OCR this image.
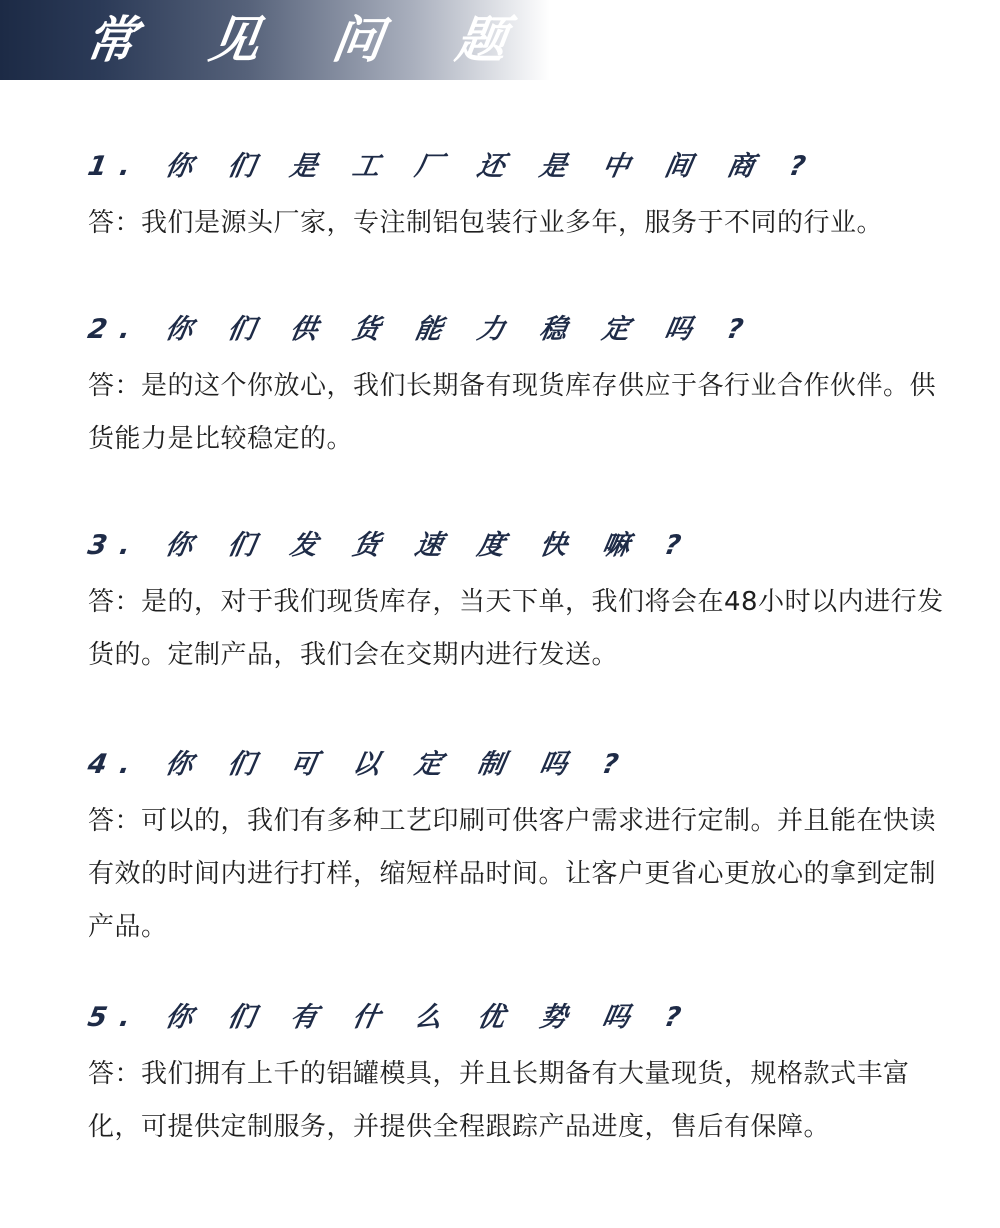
常 见 问 题
1. 你 们 是 工 厂 还 是 中 间 商 ?
答：我们是源头厂家，专注制铝包装行业多年，服务于不同的行业。
2. 你 们 供 货 能 力 稳 定 吗 ?
答：是的这个你放心，我们长期备有现货库存供应于各行业合作伙伴。供货能力是比较稳定的。
3. 你 们 发 货 速 度 快 嘛 ?
答：是的，对于我们现货库存，当天下单，我们将会在48小时以内进行发货的。定制产品，我们会在交期内进行发送。
4. 你 们 可 以 定 制 吗 ?
答：可以的，我们有多种工艺印刷可供客户需求进行定制。并且能在快读有效的时间内进行打样，缩短样品时间。让客户更省心更放心的拿到定制产品。
5. 你 们 有 什 么 优 势 吗 ?
答：我们拥有上千的铝罐模具，并且长期备有大量现货，规格款式丰富化，可提供定制服务，并提供全程跟踪产品进度，售后有保障。
